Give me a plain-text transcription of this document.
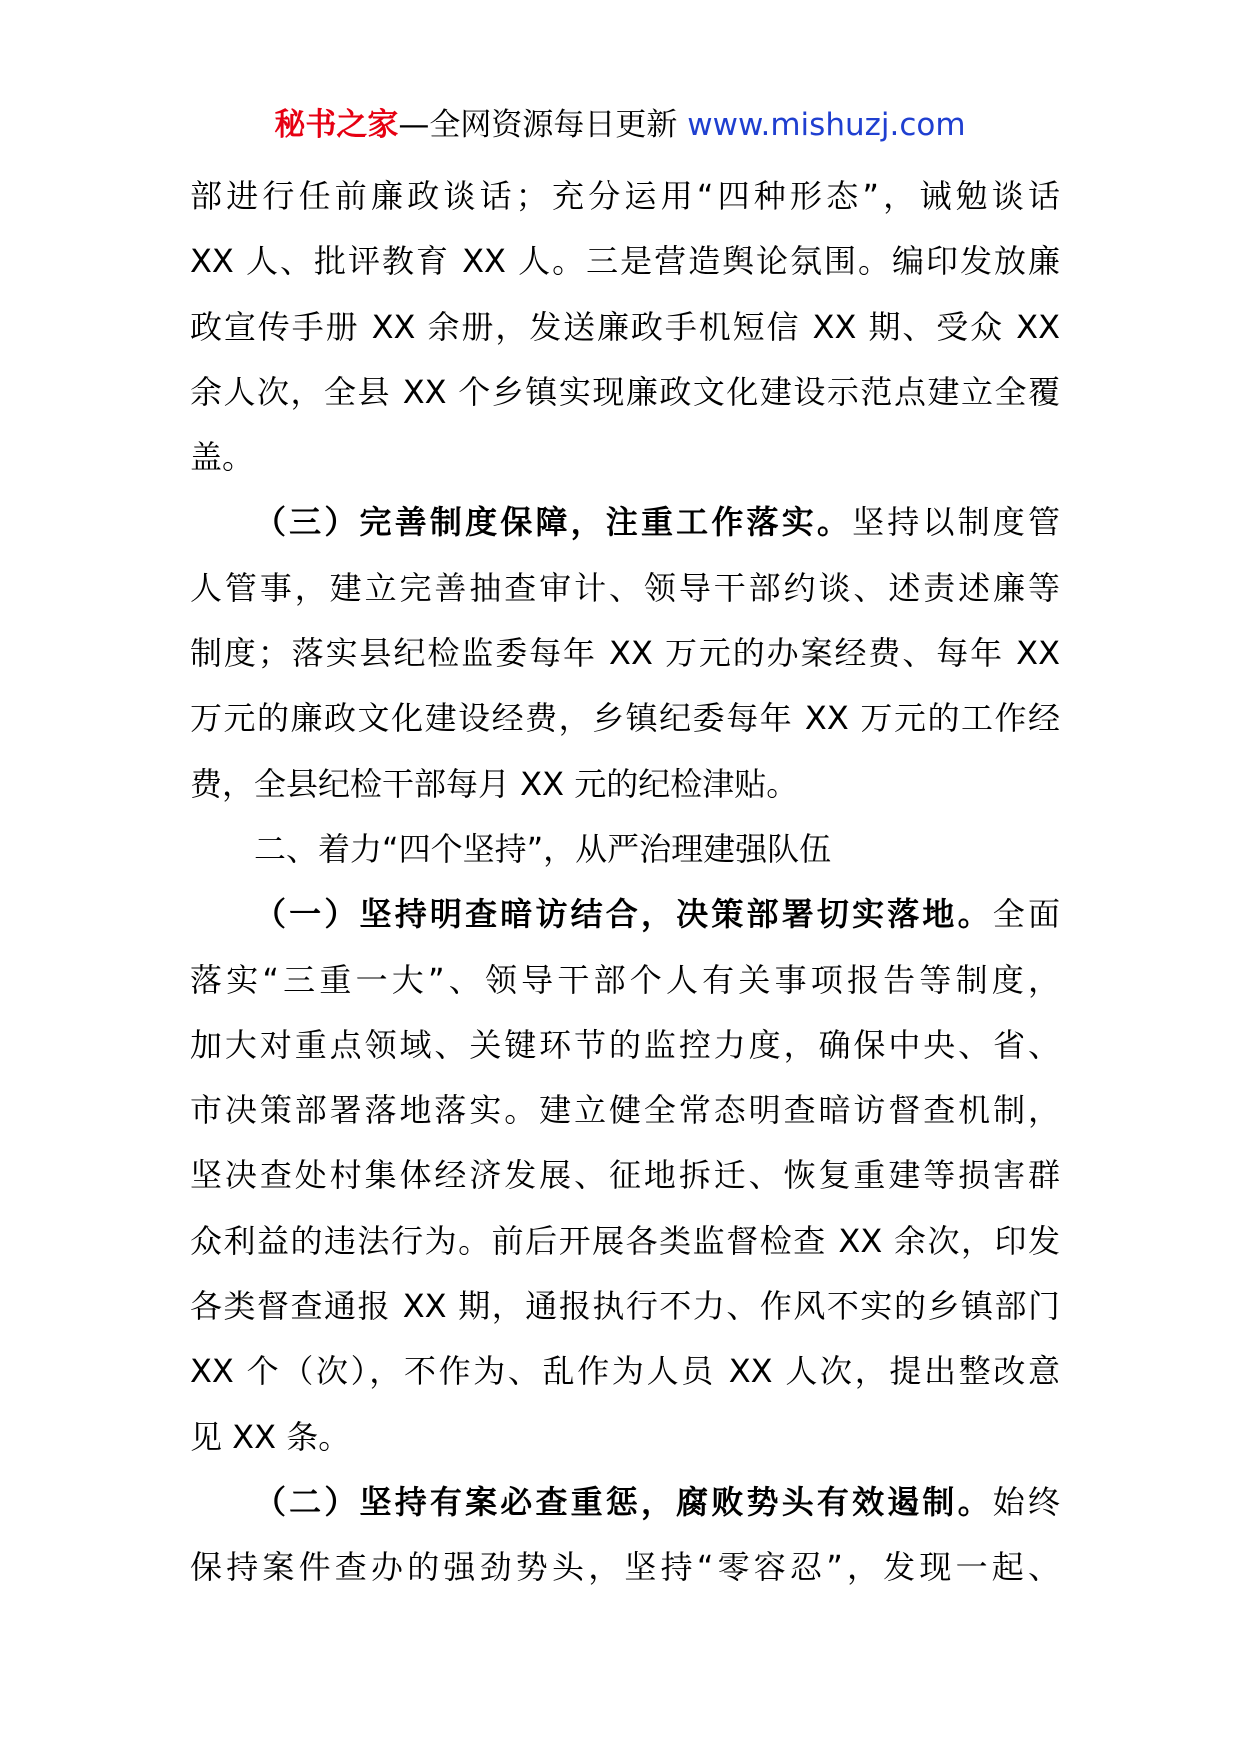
秘书之家—全网资源每日更新 www.mishuzj.com
部进行任前廉政谈话；充分运用“四种形态”，诫勉谈话
XX 人、批评教育 XX 人。三是营造舆论氛围。编印发放廉
政宣传手册 XX 余册，发送廉政手机短信 XX 期、受众 XX
余人次，全县 XX 个乡镇实现廉政文化建设示范点建立全覆
盖。
（三）完善制度保障，注重工作落实。坚持以制度管
人管事，建立完善抽查审计、领导干部约谈、述责述廉等
制度；落实县纪检监委每年 XX 万元的办案经费、每年 XX
万元的廉政文化建设经费，乡镇纪委每年 XX 万元的工作经
费，全县纪检干部每月 XX 元的纪检津贴。
二、着力“四个坚持”，从严治理建强队伍
（一）坚持明查暗访结合，决策部署切实落地。全面
落实“三重一大”、领导干部个人有关事项报告等制度，
加大对重点领域、关键环节的监控力度，确保中央、省、
市决策部署落地落实。建立健全常态明查暗访督查机制，
坚决查处村集体经济发展、征地拆迁、恢复重建等损害群
众利益的违法行为。前后开展各类监督检查 XX 余次，印发
各类督查通报 XX 期，通报执行不力、作风不实的乡镇部门
XX 个（次），不作为、乱作为人员 XX 人次，提出整改意
见 XX 条。
（二）坚持有案必查重惩，腐败势头有效遏制。始终
保持案件查办的强劲势头，坚持“零容忍”，发现一起、
